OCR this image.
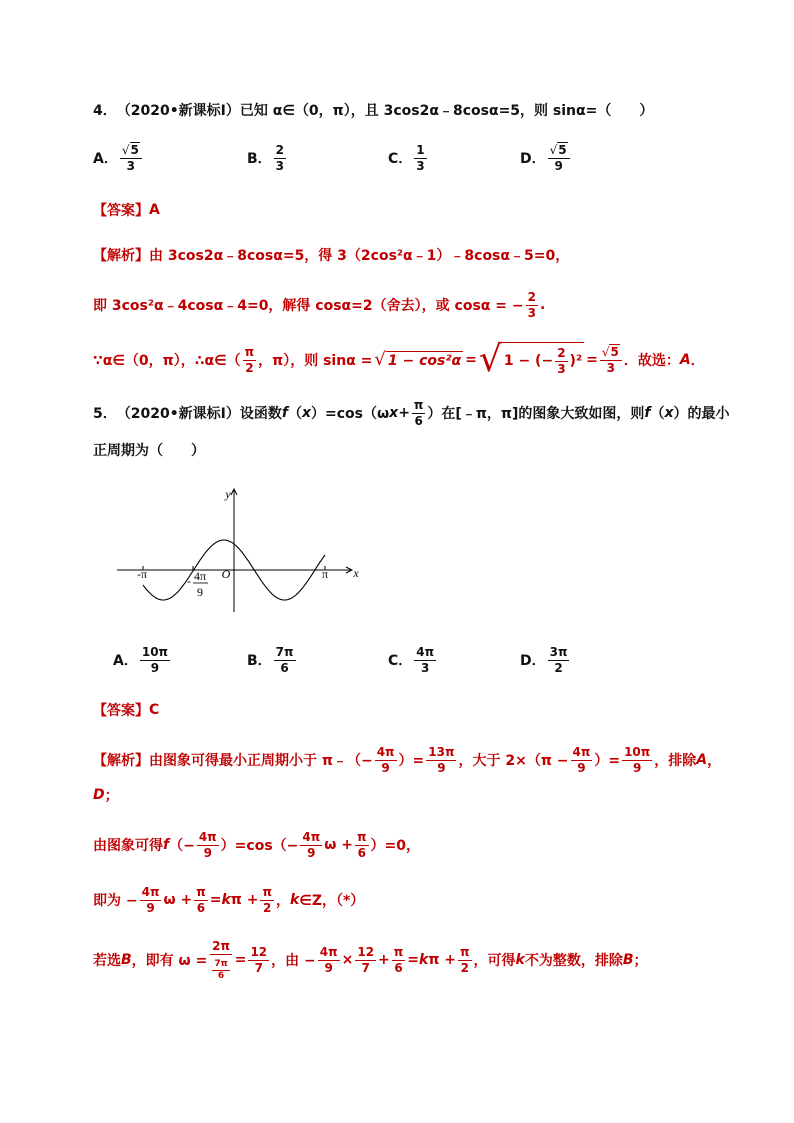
4． （2020•新课标Ⅰ） 已知 α∈（0，π），且 3cos2α﹣8cosα=5，则 sinα=（　　）
A． $\frac{√5}{3}$	B． $\frac{2}{3}$	C． $\frac{1}{3}$	D． $\frac{√5}{9}$
【答案】 A
【解析】 由 3cos2α﹣8cosα=5，得 3（2cos²α﹣1）﹣8cosα﹣5=0，
即 3cos²α﹣4cosα﹣4=0，解得 cosα=2（舍去），或 cosα = − $\frac{2}{3}$ .
∵α∈（0，π），∴α∈（ $\frac{\pi}{2}$ ，π），则 sinα = √ 1 − cos²α = √ 1 − (− $\frac{2}{3} )^2 = \frac{√5}{3}$ ．故选： A ．
5． （2020•新课标Ⅰ） 设函数 f （ x ）=cos（ω $x + \frac{\pi}{6}$ ）在[﹣π，π]的图象大致如图，则 f （ x ）的最小
正周期为（　　）
y
x
-π	O	π
- 4π
9
A． $\frac{10\pi}{9}$	B． $\frac{7\pi}{6}$	C． $\frac{4\pi}{3}$	D． $\frac{3\pi}{2}$
【答案】 C
【解析】 由图象可得最小正周期小于 π﹣（− $\frac{4\pi}{9}$ ）= $\frac{13\pi}{9}$ ，大于 $2\times(\pi - \frac{4\pi}{9}$ ）= $\frac{10\pi}{9}$ ，排除 A ，
D ；
由图象可得 f （− $\frac{4\pi}{9} )=\cos(- \frac{4\pi}{9}$ $\omega + \frac{\pi}{6} )=0$，
即为 − $\frac{4\pi}{9}$ $\omega + \frac{\pi}{6} = k$ $\pi + \frac{\pi}{2}$ ， k ∈Z，（*）
若选 B ，即有 $\omega = \frac{2\pi}{\frac{7\pi}{6}} = \frac{12}{7}$ ，由 − $\frac{4\pi}{9} \times \frac{12}{7} + \frac{\pi}{6} = k$ $\pi + \frac{\pi}{2}$ ，可得 k 不为整数，排除 B ；
